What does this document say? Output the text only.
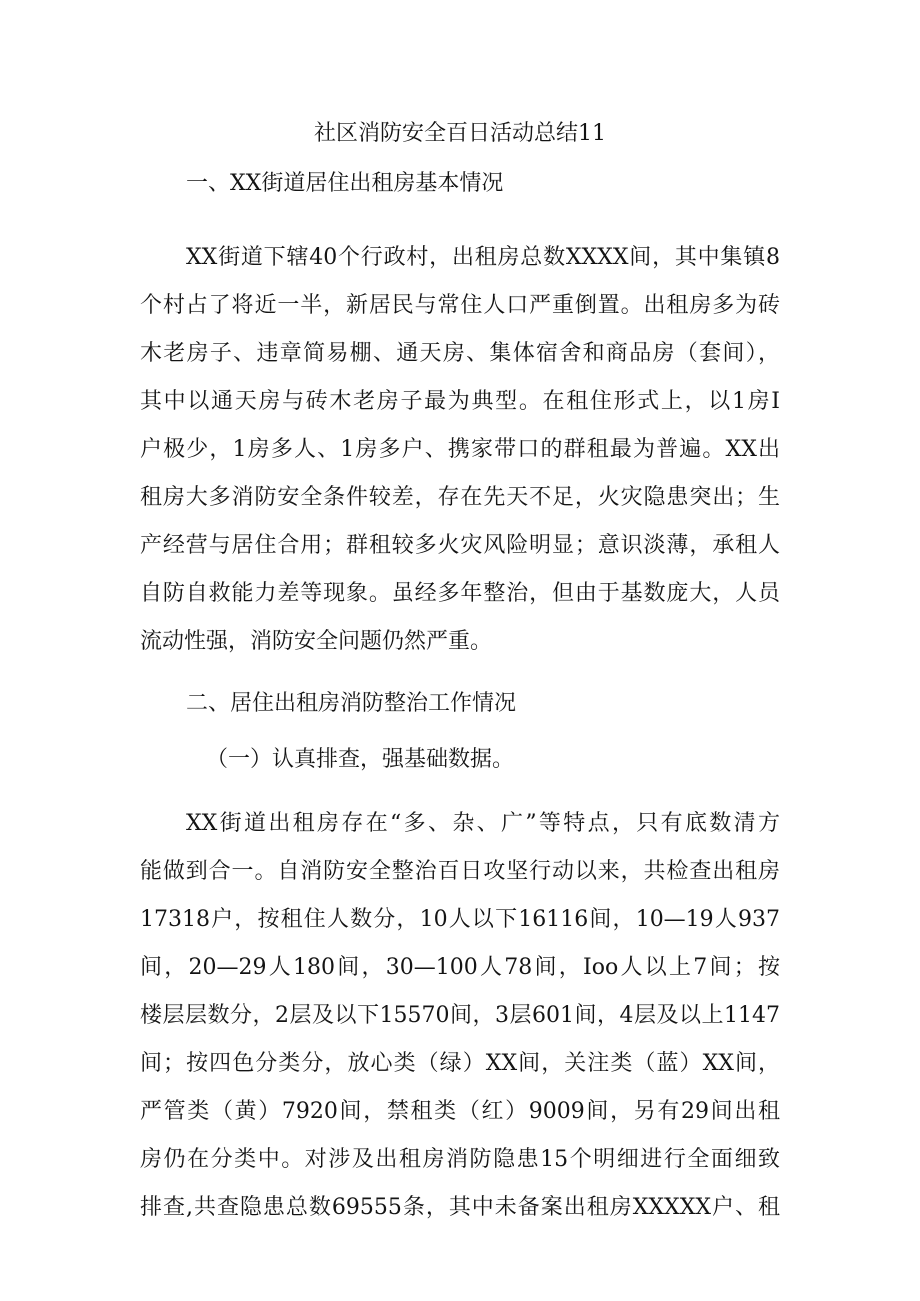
社区消防安全百日活动总结11
一、XX街道居住出租房基本情况
XX街道下辖40个行政村，出租房总数XXXX间，其中集镇8
个村占了将近一半，新居民与常住人口严重倒置。出租房多为砖
木老房子、违章简易棚、通天房、集体宿舍和商品房（套间），
其中以通天房与砖木老房子最为典型。在租住形式上，以1房I
户极少，1房多人、1房多户、携家带口的群租最为普遍。XX出
租房大多消防安全条件较差，存在先天不足，火灾隐患突出；生
产经营与居住合用；群租较多火灾风险明显；意识淡薄，承租人
自防自救能力差等现象。虽经多年整治，但由于基数庞大，人员
流动性强，消防安全问题仍然严重。
二、居住出租房消防整治工作情况
（一）认真排查，强基础数据。
XX街道出租房存在“多、杂、广”等特点，只有底数清方
能做到合一。自消防安全整治百日攻坚行动以来，共检查出租房
17318户，按租住人数分，10人以下16116间，10—19人937
间，20—29人180间，30—100人78间，Ioo人以上7间；按
楼层层数分，2层及以下15570间，3层601间，4层及以上1147
间；按四色分类分，放心类（绿）XX间，关注类（蓝）XX间，
严管类（黄）7920间，禁租类（红）9009间，另有29间出租
房仍在分类中。对涉及出租房消防隐患15个明细进行全面细致
排查,共查隐患总数69555条，其中未备案出租房XXXXX户、租
